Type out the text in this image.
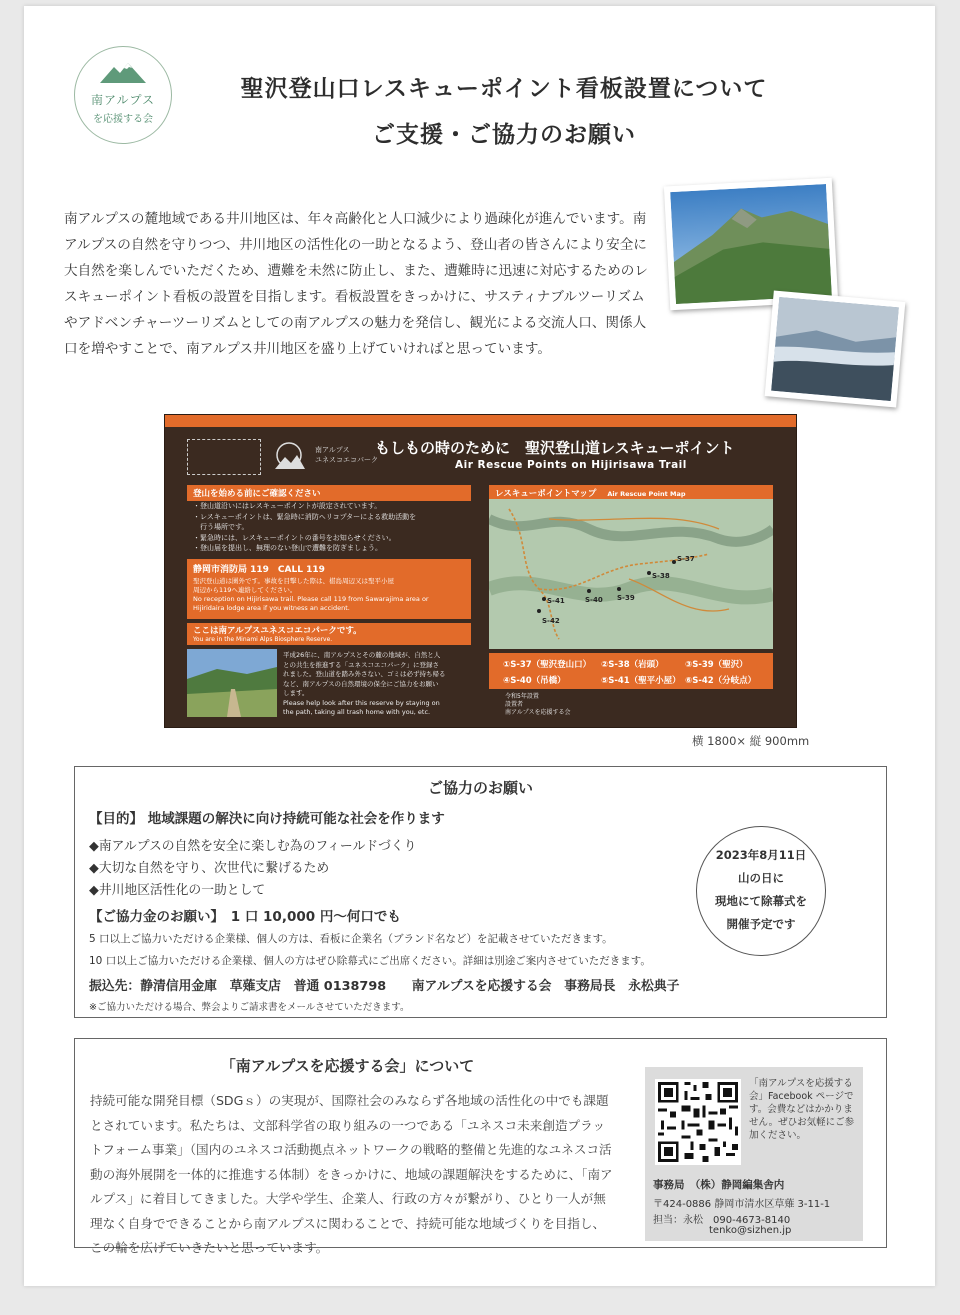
南アルプス
を応援する会
聖沢登山口レスキューポイント看板設置について
ご支援・ご協力のお願い
南アルプスの麓地域である井川地区は、年々高齢化と人口減少により過疎化が進んでいます。南アルプスの自然を守りつつ、井川地区の活性化の一助となるよう、登山者の皆さんにより安全に大自然を楽しんでいただくため、遭難を未然に防止し、また、遭難時に迅速に対応するためのレスキューポイント看板の設置を目指します。看板設置をきっかけに、サスティナブルツーリズムやアドベンチャーツーリズムとしての南アルプスの魅力を発信し、観光による交流人口、関係人口を増やすことで、南アルプス井川地区を盛り上げていければと思っています。
南アルプス
ユネスコエコパーク
もしもの時のために　聖沢登山道レスキューポイント
Air Rescue Points on Hijirisawa Trail
登山を始める前にご確認ください
・登山道沿いにはレスキューポイントが設定されています。
・レスキューポイントは、緊急時に消防ヘリコプターによる救助活動を
　行う場所です。
・緊急時には、レスキューポイントの番号をお知らせください。
・登山届を提出し、無理のない登山で遭難を防ぎましょう。
静岡市消防局 119　CALL 119
聖沢登山道は圏外です。事故を目撃した際は、椹島周辺又は聖平小屋
周辺から119へ連絡してください。
No reception on Hijirisawa trail. Please call 119 from Sawarajima area or
Hijiridaira lodge area if you witness an accident.
ここは南アルプスユネスコエコパークです。
You are in the Minami Alps Biosphere Reserve.
平成26年に、南アルプスとその麓の地域が、自然と人
との共生を推進する「ユネスコエコパーク」に登録さ
れました。登山道を踏み外さない、ゴミは必ず持ち帰る
など、南アルプスの自然環境の保全にご協力をお願い
します。
Please help look after this reserve by staying on
the path, taking all trash home with you, etc.
レスキューポイントマップ Air Rescue Point Map
S-37
S-38
S-39
S-40
S-41
S-42
①S-37（聖沢登山口） ②S-38（岩頭）	③S-39（聖沢）
④S-40（吊橋）	⑤S-41（聖平小屋） ⑥S-42（分岐点）
令和5年設置
設置者
南アルプスを応援する会
横 1800× 縦 900mm
ご協力のお願い
【目的】 地域課題の解決に向け持続可能な社会を作ります
◆南アルプスの自然を安全に楽しむ為のフィールドづくり
◆大切な自然を守り、次世代に繋げるため
◆井川地区活性化の一助として
【ご協力金のお願い】　 1 口 10,000 円〜何口でも
5 口以上ご協力いただける企業様、個人の方は、看板に企業名（ブランド名など）を記載させていただきます。
10 口以上ご協力いただける企業様、個人の方はぜひ除幕式にご出席ください。詳細は別途ご案内させていただきます。
振込先：静清信用金庫　草薙支店　普通 0138798　　 南アルプスを応援する会　事務局長　永松典子
※ご協力いただける場合、弊会よりご請求書をメールさせていただきます。
2023年8月11日
山の日に
現地にて除幕式を
開催予定です
「南アルプスを応援する会」について
持続可能な開発目標（SDGｓ）の実現が、国際社会のみならず各地域の活性化の中でも課題とされています。私たちは、文部科学省の取り組みの一つである「ユネスコ未来創造プラットフォーム事業」（国内のユネスコ活動拠点ネットワークの戦略的整備と先進的なユネスコ活動の海外展開を一体的に推進する体制）をきっかけに、地域の課題解決をするために、「南アルプス」に着目してきました。大学や学生、企業人、行政の方々が繋がり、ひとり一人が無理なく自身でできることから南アルプスに関わることで、持続可能な地域づくりを目指し、この輪を広げていきたいと思っています。
「南アルプスを応援する会」Facebook ページです。会費などはかかりません。ぜひお気軽にご参加ください。
事務局　（株）静岡編集舎内
〒424-0886 静岡市清水区草薙 3-11-1
担当：永松　090-4673-8140
tenko@sizhen.jp
